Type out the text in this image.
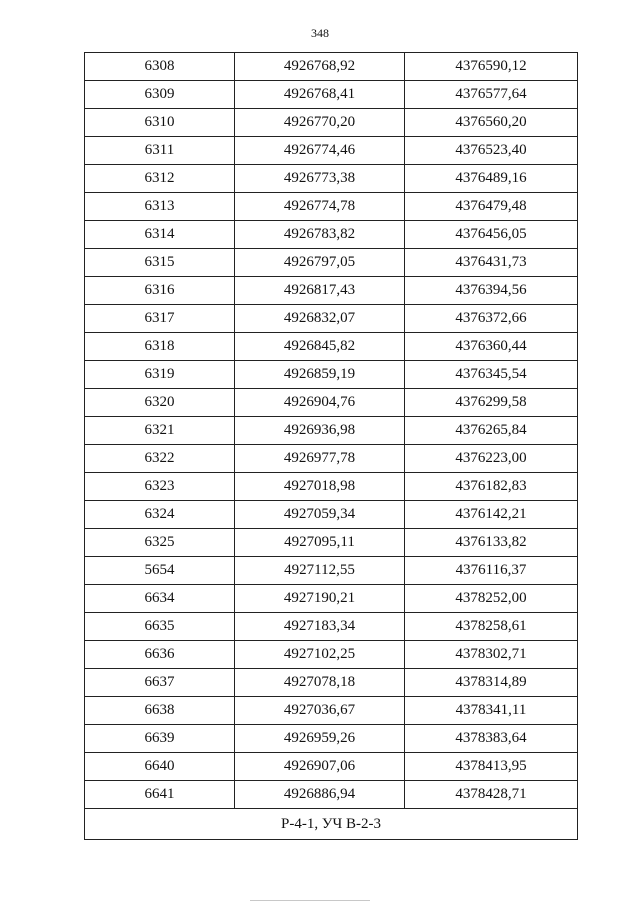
348
6308	4926768,92	4376590,12
6309	4926768,41	4376577,64
6310	4926770,20	4376560,20
6311	4926774,46	4376523,40
6312	4926773,38	4376489,16
6313	4926774,78	4376479,48
6314	4926783,82	4376456,05
6315	4926797,05	4376431,73
6316	4926817,43	4376394,56
6317	4926832,07	4376372,66
6318	4926845,82	4376360,44
6319	4926859,19	4376345,54
6320	4926904,76	4376299,58
6321	4926936,98	4376265,84
6322	4926977,78	4376223,00
6323	4927018,98	4376182,83
6324	4927059,34	4376142,21
6325	4927095,11	4376133,82
5654	4927112,55	4376116,37
6634	4927190,21	4378252,00
6635	4927183,34	4378258,61
6636	4927102,25	4378302,71
6637	4927078,18	4378314,89
6638	4927036,67	4378341,11
6639	4926959,26	4378383,64
6640	4926907,06	4378413,95
6641	4926886,94	4378428,71
Р-4-1, УЧ В-2-3		
